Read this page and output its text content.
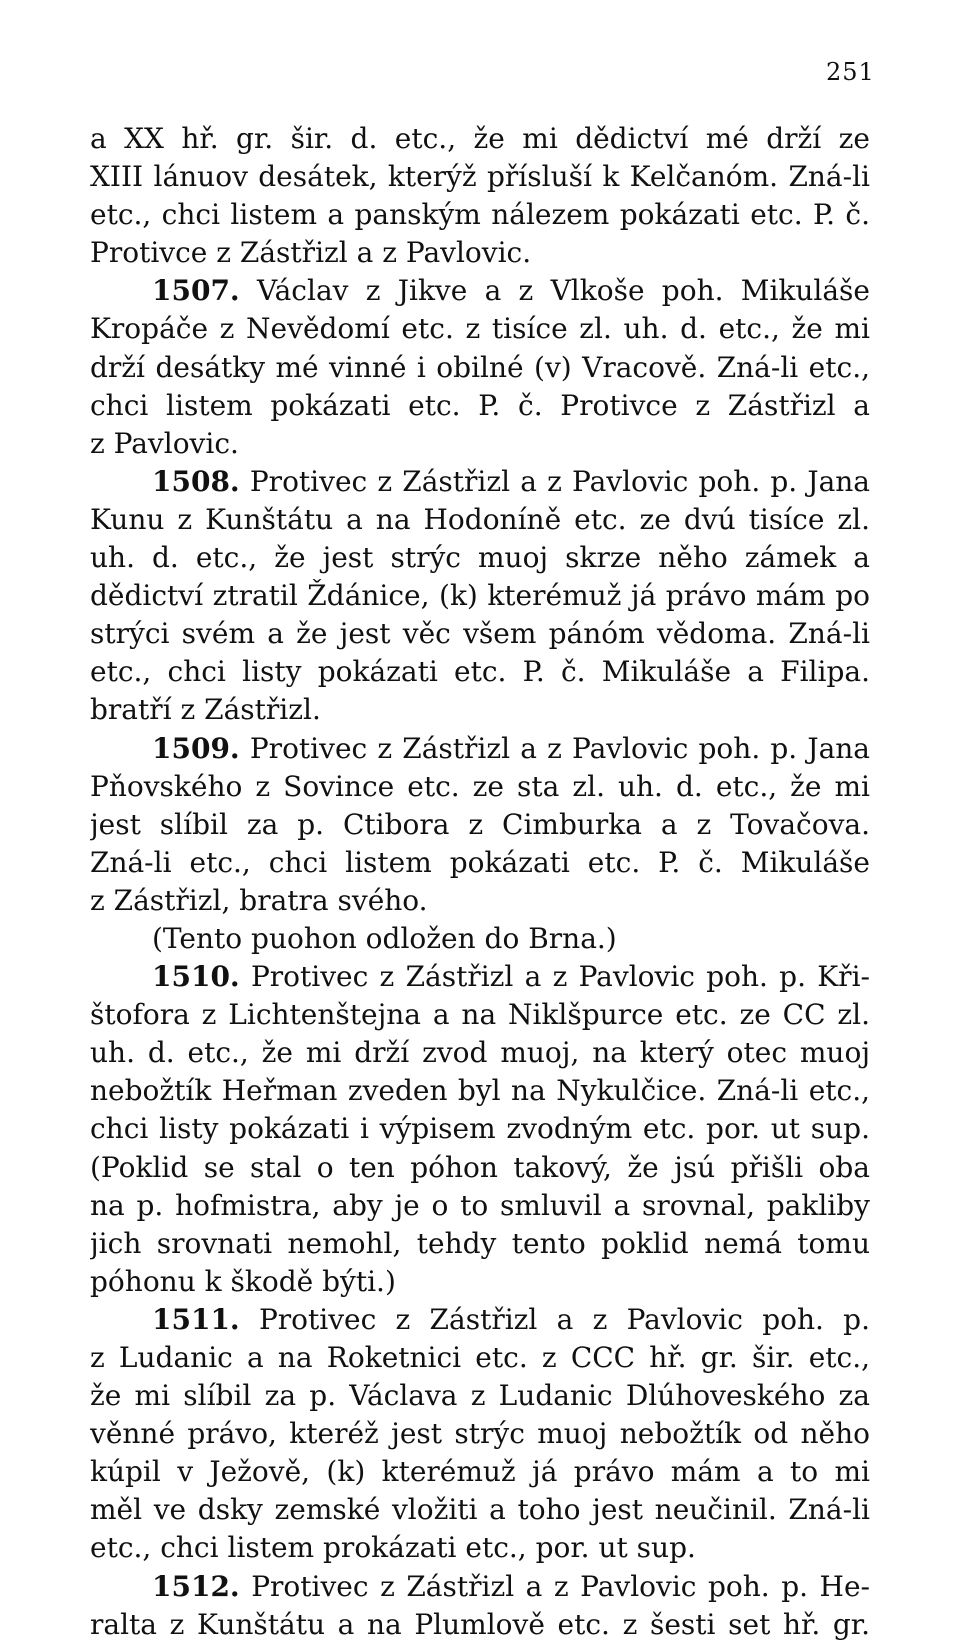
251
a XX hř. gr. šir. d. etc., že mi dědictví mé drží ze
XIII lánuov desátek, kterýž přísluší k Kelčanóm. Zná-li
etc., chci listem a panským nálezem pokázati etc. P. č.
Protivce z Zástřizl a z Pavlovic.
1507. Václav z Jikve a z Vlkoše poh. Mikuláše
Kropáče z Nevědomí etc. z tisíce zl. uh. d. etc., že mi
drží desátky mé vinné i obilné (v) Vracově. Zná-li etc.,
chci listem pokázati etc. P. č. Protivce z Zástřizl a
z Pavlovic.
1508. Protivec z Zástřizl a z Pavlovic poh. p. Jana
Kunu z Kunštátu a na Hodoníně etc. ze dvú tisíce zl.
uh. d. etc., že jest strýc muoj skrze něho zámek a
dědictví ztratil Ždánice, (k) kterémuž já právo mám po
strýci svém a že jest věc všem pánóm vědoma. Zná-li
etc., chci listy pokázati etc. P. č. Mikuláše a Filipa.
bratří z Zástřizl.
1509. Protivec z Zástřizl a z Pavlovic poh. p. Jana
Pňovského z Sovince etc. ze sta zl. uh. d. etc., že mi
jest slíbil za p. Ctibora z Cimburka a z Tovačova.
Zná-li etc., chci listem pokázati etc. P. č. Mikuláše
z Zástřizl, bratra svého.
(Tento puohon odložen do Brna.)
1510. Protivec z Zástřizl a z Pavlovic poh. p. Kři-
štofora z Lichtenštejna a na Niklšpurce etc. ze CC zl.
uh. d. etc., že mi drží zvod muoj, na který otec muoj
nebožtík Heřman zveden byl na Nykulčice. Zná-li etc.,
chci listy pokázati i výpisem zvodným etc. por. ut sup.
(Poklid se stal o ten póhon takový, že jsú přišli oba
na p. hofmistra, aby je o to smluvil a srovnal, pakliby
jich srovnati nemohl, tehdy tento poklid nemá tomu
póhonu k škodě býti.)
1511. Protivec z Zástřizl a z Pavlovic poh. p.
z Ludanic a na Roketnici etc. z CCC hř. gr. šir. etc.,
že mi slíbil za p. Václava z Ludanic Dlúhoveského za
věnné právo, kteréž jest strýc muoj nebožtík od něho
kúpil v Ježově, (k) kterémuž já právo mám a to mi
měl ve dsky zemské vložiti a toho jest neučinil. Zná-li
etc., chci listem prokázati etc., por. ut sup.
1512. Protivec z Zástřizl a z Pavlovic poh. p. He-
ralta z Kunštátu a na Plumlově etc. z šesti set hř. gr.
